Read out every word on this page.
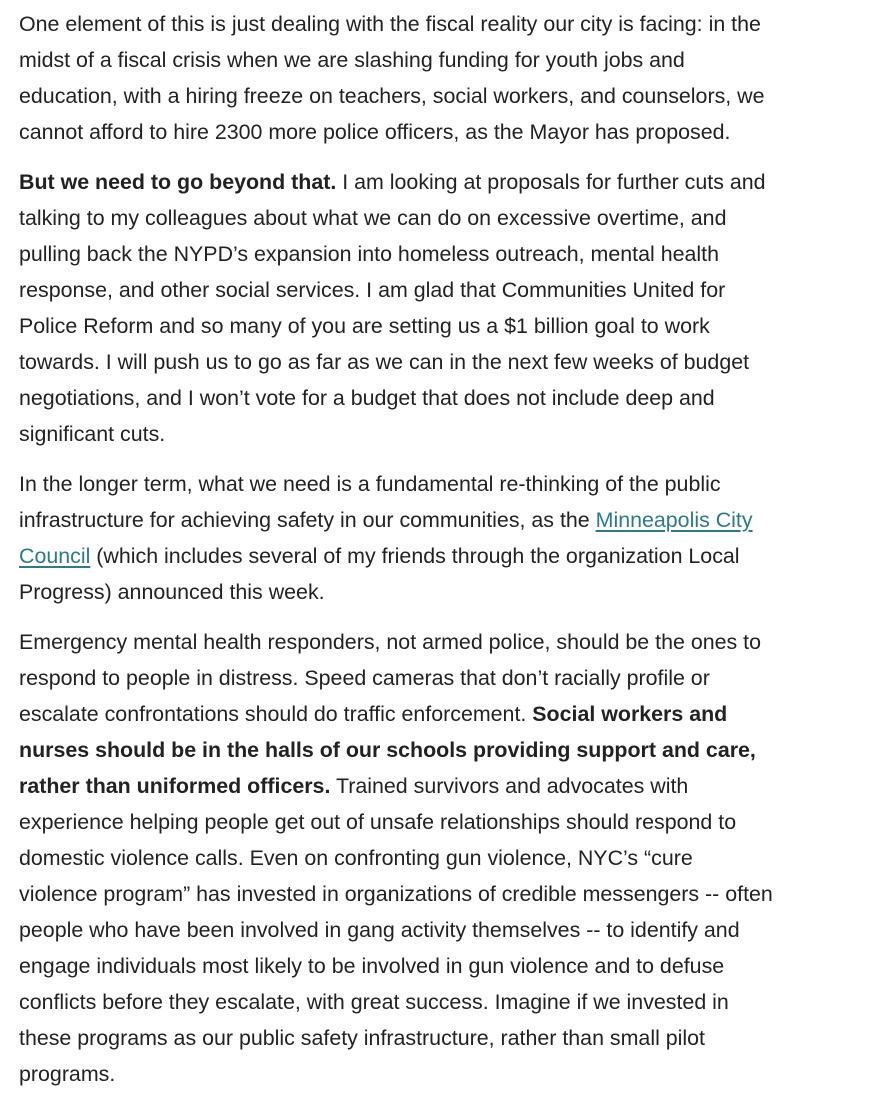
One element of this is just dealing with the fiscal reality our city is facing: in the
midst of a fiscal crisis when we are slashing funding for youth jobs and
education, with a hiring freeze on teachers, social workers, and counselors, we
cannot afford to hire 2300 more police officers, as the Mayor has proposed.

But we need to go beyond that. I am looking at proposals for further cuts and
talking to my colleagues about what we can do on excessive overtime, and
pulling back the NYPD’s expansion into homeless outreach, mental health
response, and other social services. I am glad that Communities United for
Police Reform and so many of you are setting us a $1 billion goal to work
towards. I will push us to go as far as we can in the next few weeks of budget
negotiations, and I won’t vote for a budget that does not include deep and
significant cuts.

In the longer term, what we need is a fundamental re-thinking of the public
infrastructure for achieving safety in our communities, as the Minneapolis City
Council (which includes several of my friends through the organization Local
Progress) announced this week.

Emergency mental health responders, not armed police, should be the ones to
respond to people in distress. Speed cameras that don’t racially profile or
escalate confrontations should do traffic enforcement. Social workers and
nurses should be in the halls of our schools providing support and care,
rather than uniformed officers. Trained survivors and advocates with
experience helping people get out of unsafe relationships should respond to
domestic violence calls. Even on confronting gun violence, NYC’s “cure
violence program” has invested in organizations of credible messengers -- often
people who have been involved in gang activity themselves -- to identify and
engage individuals most likely to be involved in gun violence and to defuse
conflicts before they escalate, with great success. Imagine if we invested in
these programs as our public safety infrastructure, rather than small pilot
programs.
